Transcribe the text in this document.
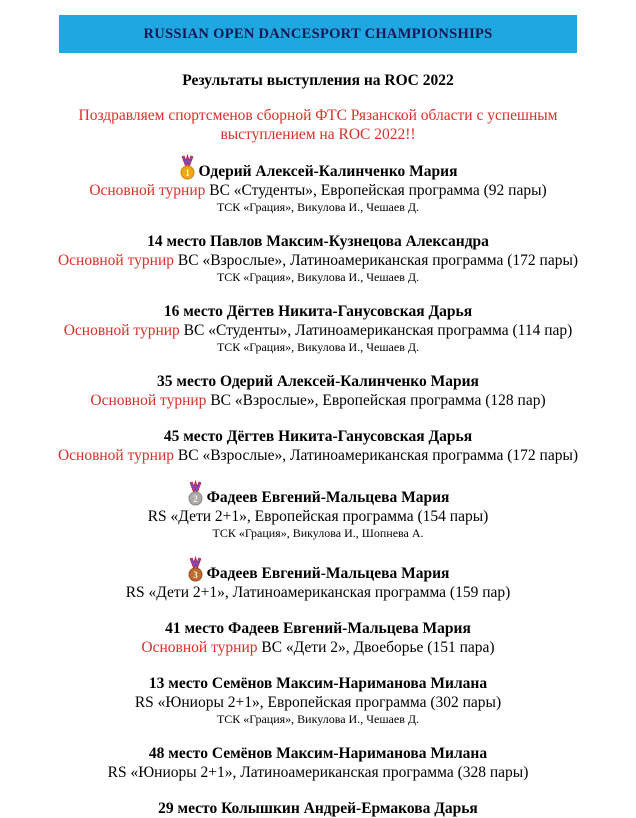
RUSSIAN OPEN DANCESPORT CHAMPIONSHIPS
Результаты выступления на ROC 2022
Поздравляем спортсменов сборной ФТС Рязанской области с успешным выступлением на ROC 2022!!
1 Одерий Алексей-Калинченко Мария
Основной турнир ВС «Студенты», Европейская программа (92 пары)
ТСК «Грация», Викулова И., Чешаев Д.
14 место Павлов Максим-Кузнецова Александра
Основной турнир ВС «Взрослые», Латиноамериканская программа (172 пары)
ТСК «Грация», Викулова И., Чешаев Д.
16 место Дёгтев Никита-Ганусовская Дарья
Основной турнир ВС «Студенты», Латиноамериканская программа (114 пар)
ТСК «Грация», Викулова И., Чешаев Д.
35 место Одерий Алексей-Калинченко Мария
Основной турнир ВС «Взрослые», Европейская программа (128 пар)
45 место Дёгтев Никита-Ганусовская Дарья
Основной турнир ВС «Взрослые», Латиноамериканская программа (172 пары)
2 Фадеев Евгений-Мальцева Мария
RS «Дети 2+1», Европейская программа (154 пары)
ТСК «Грация», Викулова И., Шопнева А.
3 Фадеев Евгений-Мальцева Мария
RS «Дети 2+1», Латиноамериканская программа (159 пар)
41 место Фадеев Евгений-Мальцева Мария
Основной турнир ВС «Дети 2», Двоеборье (151 пара)
13 место Семёнов Максим-Нариманова Милана
RS «Юниоры 2+1», Европейская программа (302 пары)
ТСК «Грация», Викулова И., Чешаев Д.
48 место Семёнов Максим-Нариманова Милана
RS «Юниоры 2+1», Латиноамериканская программа (328 пары)
29 место Колышкин Андрей-Ермакова Дарья
